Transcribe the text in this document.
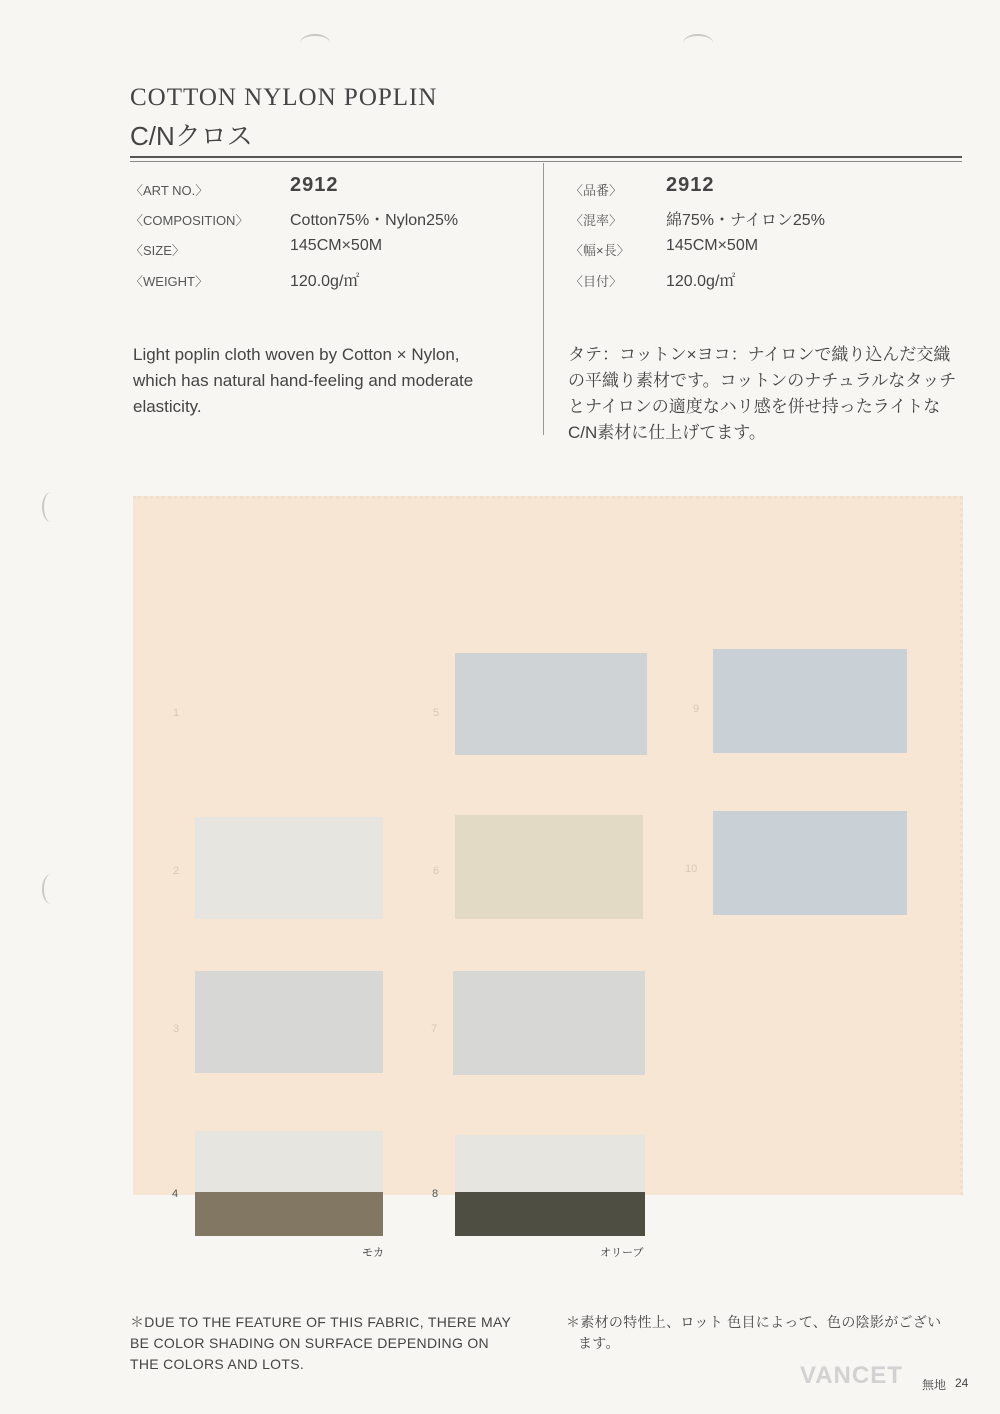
COTTON NYLON POPLIN
C/Nクロス
〈ART NO.〉	2912
〈COMPOSITION〉	Cotton75%・Nylon25%
〈SIZE〉	145CM×50M
〈WEIGHT〉	120.0g/㎡
〈品番〉 2912
〈混率〉	綿75%・ナイロン25%
〈幅×長〉 145CM×50M
〈目付〉	120.0g/㎡
Light poplin cloth woven by Cotton × Nylon,
which has natural hand-feeling and moderate
elasticity.
タテ：コットン×ヨコ：ナイロンで織り込んだ交織
の平織り素材です。コットンのナチュラルなタッチ
とナイロンの適度なハリ感を併せ持ったライトな
C/N素材に仕上げてます。
1
2
3
5
6
7
9
10
4	8
モカ	オリーブ
＊DUE TO THE FEATURE OF THIS FABRIC, THERE MAY
BE COLOR SHADING ON SURFACE DEPENDING ON
THE COLORS AND LOTS.
＊素材の特性上、ロット 色目によって、色の陰影がござい
ます。
VANCET 無地 24
